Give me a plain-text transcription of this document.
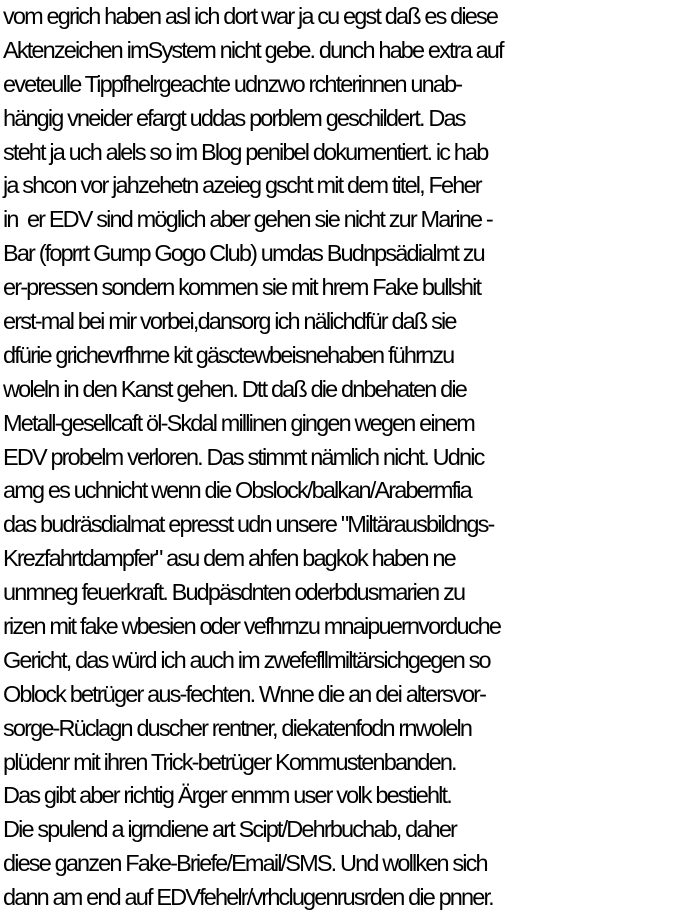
vom egrich haben asl ich dort war ja cu egst daß es diese
Aktenzeichen imSystem nicht gebe. dunch habe extra auf
eveteulle Tippfhelrgeachte udnzwo rchterinnen unab-
hängig vneider efargt uddas porblem geschildert. Das
steht ja uch alels so im Blog penibel dokumentiert. ic hab
ja shcon vor jahzehetn azeieg gscht mit dem titel, Feher
in  er EDV sind möglich aber gehen sie nicht zur Marine -
Bar (foprrt Gump Gogo Club) umdas Budnpsädialmt zu
er-pressen sondern kommen sie mit hrem Fake bullshit
erst-mal bei mir vorbei,dansorg ich nälichdfür daß sie
dfürie grichevrfhrne kit gäsctewbeisnehaben führnzu
woleln in den Kanst gehen. Dtt daß die dnbehaten die
Metall-gesellcaft öl-Skdal millinen gingen wegen einem
EDV probelm verloren. Das stimmt nämlich nicht. Udnic
amg es uchnicht wenn die Obslock/balkan/Arabermfia
das budräsdialmat epresst udn unsere "Miltärausbildngs-
Krezfahrtdampfer" asu dem ahfen bagkok haben ne
unmneg feuerkraft. Budpäsdnten oderbdusmarien zu
rizen mit fake wbesien oder vefhrnzu mnaipuernvorduche
Gericht, das würd ich auch im zwefefllmiltärsichgegen so
Oblock betrüger aus-fechten. Wnne die an dei altersvor-
sorge-Rüclagn duscher rentner, diekatenfodn rnwoleln
plüdenr mit ihren Trick-betrüger Kommustenbanden.
Das gibt aber richtig Ärger enmm user volk bestiehlt.
Die spulend a igrndiene art Scipt/Dehrbuchab, daher
diese ganzen Fake-Briefe/Email/SMS. Und wollken sich
dann am end auf EDVfehelr/vrhclugenrusrden die pnner.
